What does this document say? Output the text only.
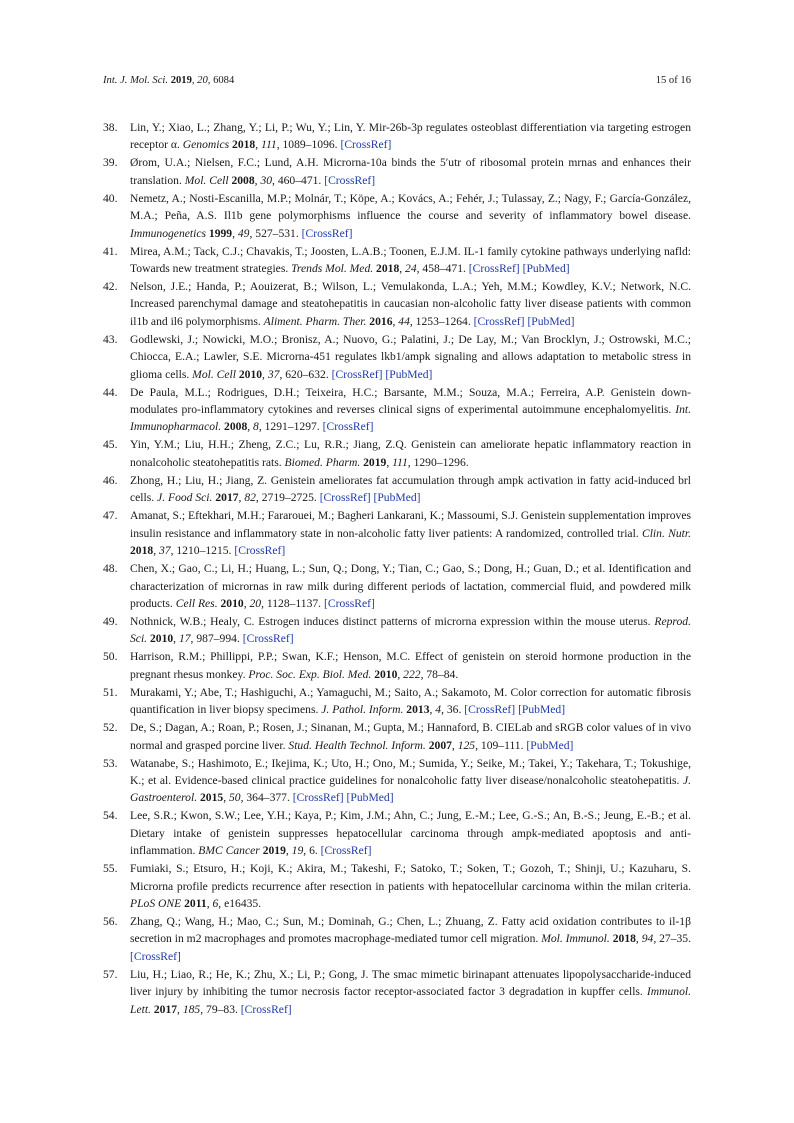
Int. J. Mol. Sci. 2019, 20, 6084	15 of 16
38. Lin, Y.; Xiao, L.; Zhang, Y.; Li, P.; Wu, Y.; Lin, Y. Mir-26b-3p regulates osteoblast differentiation via targeting estrogen receptor α. Genomics 2018, 111, 1089–1096. [CrossRef]
39. Ørom, U.A.; Nielsen, F.C.; Lund, A.H. Microrna-10a binds the 5′utr of ribosomal protein mrnas and enhances their translation. Mol. Cell 2008, 30, 460–471. [CrossRef]
40. Nemetz, A.; Nosti-Escanilla, M.P.; Molnár, T.; Köpe, A.; Kovács, A.; Fehér, J.; Tulassay, Z.; Nagy, F.; García-González, M.A.; Peña, A.S. Il1b gene polymorphisms influence the course and severity of inflammatory bowel disease. Immunogenetics 1999, 49, 527–531. [CrossRef]
41. Mirea, A.M.; Tack, C.J.; Chavakis, T.; Joosten, L.A.B.; Toonen, E.J.M. IL-1 family cytokine pathways underlying nafld: Towards new treatment strategies. Trends Mol. Med. 2018, 24, 458–471. [CrossRef] [PubMed]
42. Nelson, J.E.; Handa, P.; Aouizerat, B.; Wilson, L.; Vemulakonda, L.A.; Yeh, M.M.; Kowdley, K.V.; Network, N.C. Increased parenchymal damage and steatohepatitis in caucasian non-alcoholic fatty liver disease patients with common il1b and il6 polymorphisms. Aliment. Pharm. Ther. 2016, 44, 1253–1264. [CrossRef] [PubMed]
43. Godlewski, J.; Nowicki, M.O.; Bronisz, A.; Nuovo, G.; Palatini, J.; De Lay, M.; Van Brocklyn, J.; Ostrowski, M.C.; Chiocca, E.A.; Lawler, S.E. Microrna-451 regulates lkb1/ampk signaling and allows adaptation to metabolic stress in glioma cells. Mol. Cell 2010, 37, 620–632. [CrossRef] [PubMed]
44. De Paula, M.L.; Rodrigues, D.H.; Teixeira, H.C.; Barsante, M.M.; Souza, M.A.; Ferreira, A.P. Genistein down-modulates pro-inflammatory cytokines and reverses clinical signs of experimental autoimmune encephalomyelitis. Int. Immunopharmacol. 2008, 8, 1291–1297. [CrossRef]
45. Yin, Y.M.; Liu, H.H.; Zheng, Z.C.; Lu, R.R.; Jiang, Z.Q. Genistein can ameliorate hepatic inflammatory reaction in nonalcoholic steatohepatitis rats. Biomed. Pharm. 2019, 111, 1290–1296.
46. Zhong, H.; Liu, H.; Jiang, Z. Genistein ameliorates fat accumulation through ampk activation in fatty acid-induced brl cells. J. Food Sci. 2017, 82, 2719–2725. [CrossRef] [PubMed]
47. Amanat, S.; Eftekhari, M.H.; Fararouei, M.; Bagheri Lankarani, K.; Massoumi, S.J. Genistein supplementation improves insulin resistance and inflammatory state in non-alcoholic fatty liver patients: A randomized, controlled trial. Clin. Nutr. 2018, 37, 1210–1215. [CrossRef]
48. Chen, X.; Gao, C.; Li, H.; Huang, L.; Sun, Q.; Dong, Y.; Tian, C.; Gao, S.; Dong, H.; Guan, D.; et al. Identification and characterization of micrornas in raw milk during different periods of lactation, commercial fluid, and powdered milk products. Cell Res. 2010, 20, 1128–1137. [CrossRef]
49. Nothnick, W.B.; Healy, C. Estrogen induces distinct patterns of microrna expression within the mouse uterus. Reprod. Sci. 2010, 17, 987–994. [CrossRef]
50. Harrison, R.M.; Phillippi, P.P.; Swan, K.F.; Henson, M.C. Effect of genistein on steroid hormone production in the pregnant rhesus monkey. Proc. Soc. Exp. Biol. Med. 2010, 222, 78–84.
51. Murakami, Y.; Abe, T.; Hashiguchi, A.; Yamaguchi, M.; Saito, A.; Sakamoto, M. Color correction for automatic fibrosis quantification in liver biopsy specimens. J. Pathol. Inform. 2013, 4, 36. [CrossRef] [PubMed]
52. De, S.; Dagan, A.; Roan, P.; Rosen, J.; Sinanan, M.; Gupta, M.; Hannaford, B. CIELab and sRGB color values of in vivo normal and grasped porcine liver. Stud. Health Technol. Inform. 2007, 125, 109–111. [PubMed]
53. Watanabe, S.; Hashimoto, E.; Ikejima, K.; Uto, H.; Ono, M.; Sumida, Y.; Seike, M.; Takei, Y.; Takehara, T.; Tokushige, K.; et al. Evidence-based clinical practice guidelines for nonalcoholic fatty liver disease/nonalcoholic steatohepatitis. J. Gastroenterol. 2015, 50, 364–377. [CrossRef] [PubMed]
54. Lee, S.R.; Kwon, S.W.; Lee, Y.H.; Kaya, P.; Kim, J.M.; Ahn, C.; Jung, E.-M.; Lee, G.-S.; An, B.-S.; Jeung, E.-B.; et al. Dietary intake of genistein suppresses hepatocellular carcinoma through ampk-mediated apoptosis and anti-inflammation. BMC Cancer 2019, 19, 6. [CrossRef]
55. Fumiaki, S.; Etsuro, H.; Koji, K.; Akira, M.; Takeshi, F.; Satoko, T.; Soken, T.; Gozoh, T.; Shinji, U.; Kazuharu, S. Microrna profile predicts recurrence after resection in patients with hepatocellular carcinoma within the milan criteria. PLoS ONE 2011, 6, e16435.
56. Zhang, Q.; Wang, H.; Mao, C.; Sun, M.; Dominah, G.; Chen, L.; Zhuang, Z. Fatty acid oxidation contributes to il-1β secretion in m2 macrophages and promotes macrophage-mediated tumor cell migration. Mol. Immunol. 2018, 94, 27–35. [CrossRef]
57. Liu, H.; Liao, R.; He, K.; Zhu, X.; Li, P.; Gong, J. The smac mimetic birinapant attenuates lipopolysaccharide-induced liver injury by inhibiting the tumor necrosis factor receptor-associated factor 3 degradation in kupffer cells. Immunol. Lett. 2017, 185, 79–83. [CrossRef]
